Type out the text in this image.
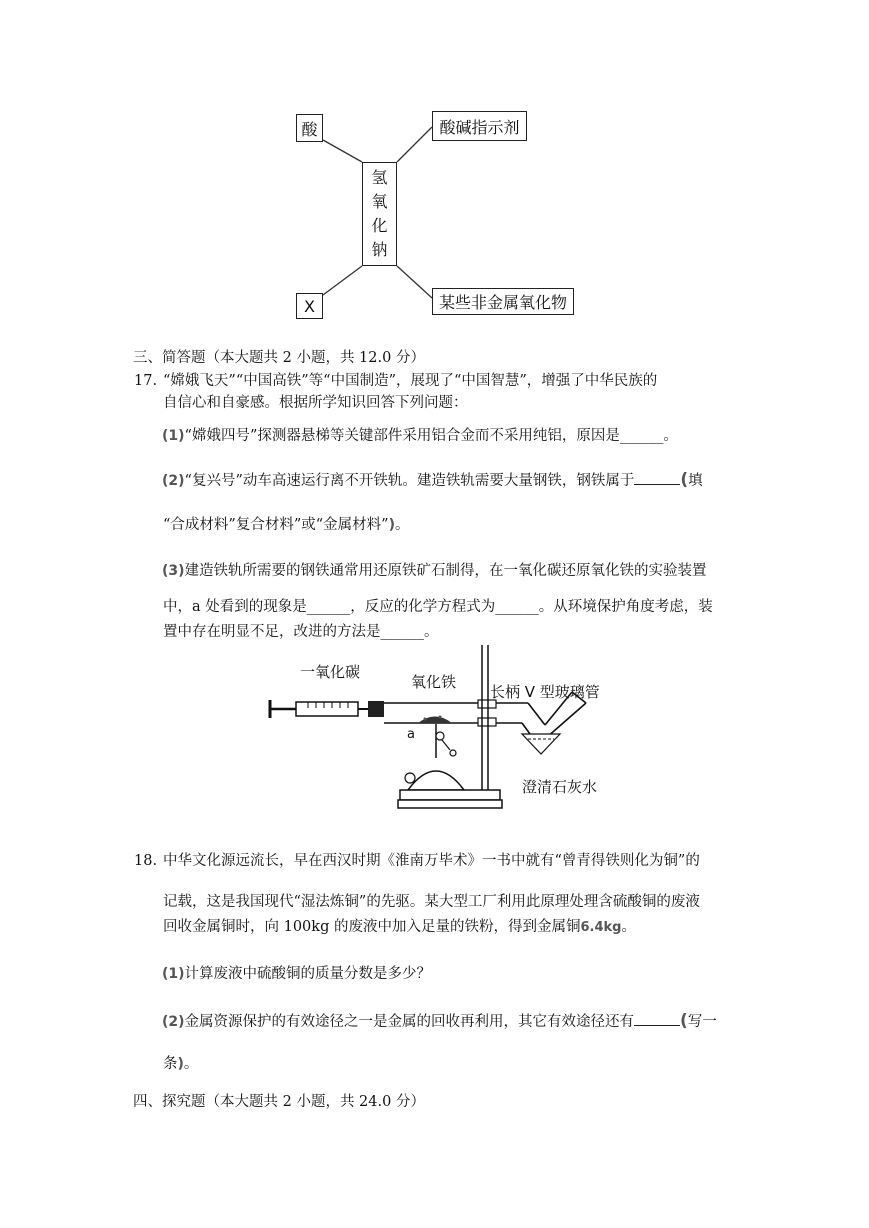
酸	酸碱指示剂
氢
氧
化
钠
X	某些非金属氧化物
三、简答题（本大题共 2 小题，共 12.0 分）
17. “嫦娥飞天”“中国高铁”等“中国制造”，展现了“中国智慧”，增强了中华民族的
自信心和自豪感。根据所学知识回答下列问题：
(1)“嫦娥四号”探测器悬梯等关键部件采用铝合金而不采用纯铝，原因是______。
(2)“复兴号”动车高速运行离不开铁轨。建造铁轨需要大量钢铁，钢铁属于	(填
“合成材料”复合材料”或“金属材料”)。
(3)建造铁轨所需要的钢铁通常用还原铁矿石制得，在一氧化碳还原氧化铁的实验装置
中，a 处看到的现象是______，反应的化学方程式为______。从环境保护角度考虑，装
置中存在明显不足，改进的方法是______。
一氧化碳
氧化铁
长柄 V 型玻璃管
a
澄清石灰水
18. 中华文化源远流长，早在西汉时期《淮南万毕术》一书中就有“曾青得铁则化为铜”的
记载，这是我国现代“湿法炼铜”的先驱。某大型工厂利用此原理处理含硫酸铜的废液
回收金属铜时，向 100kg 的废液中加入足量的铁粉，得到金属铜6.4kg。
(1)计算废液中硫酸铜的质量分数是多少？
(2)金属资源保护的有效途径之一是金属的回收再利用，其它有效途径还有	(写一
条)。
四、探究题（本大题共 2 小题，共 24.0 分）
